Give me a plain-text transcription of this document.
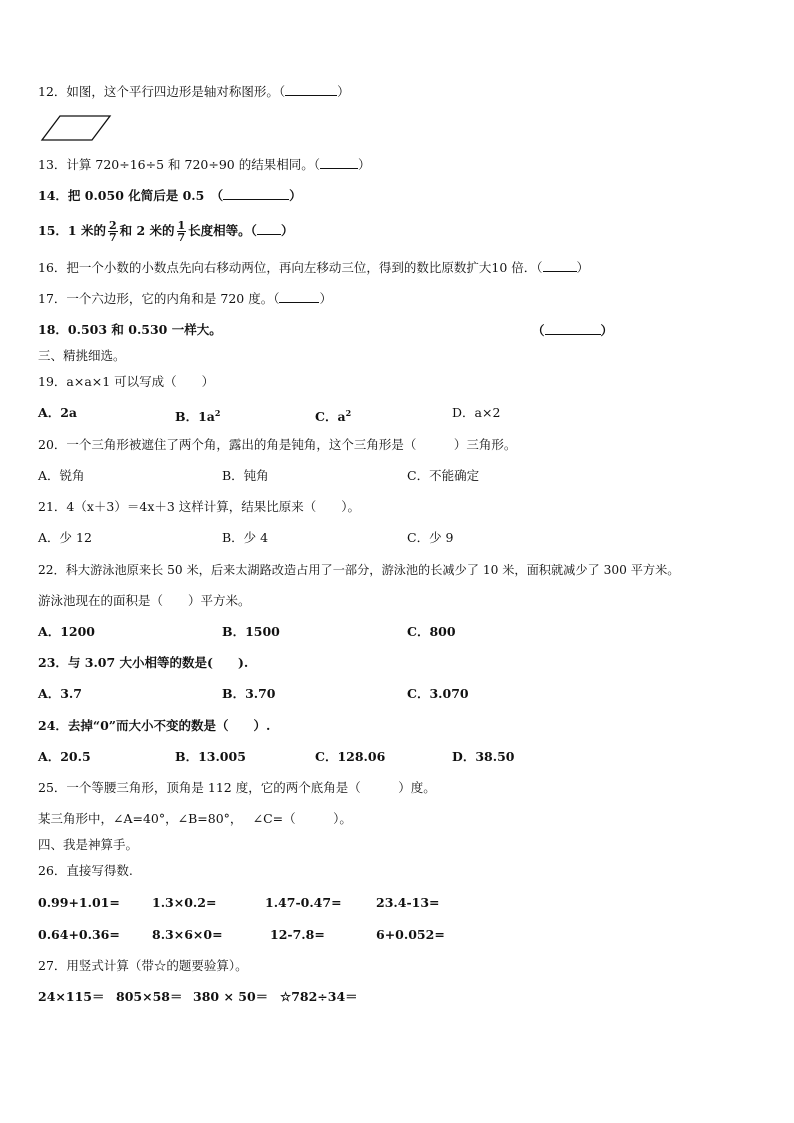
12．如图，这个平行四边形是轴对称图形。（	）
13．计算 720÷16÷5 和 720÷90 的结果相同。（	）
14．把 0.050 化简后是 0.5　（	）
15．1 米的 $\frac{2}{7}$ 和 2 米的 $\frac{1}{7}$ 长度相等。（ ）
16．把一个小数的小数点先向右移动两位，再向左移动三位，得到的数比原数扩大10 倍．（	）
17．一个六边形，它的内角和是 720 度。（	）
18．0.503 和 0.530 一样大。	（	）
三、精挑细选。
19．a×a×1 可以写成（　　）
A．2a	B．$1a^2$	C．$a^2$	D．a×2
20．一个三角形被遮住了两个角，露出的角是钝角，这个三角形是（　　　）三角形。
A．锐角	B．钝角	C．不能确定
21．4（x＋3）＝4x＋3 这样计算，结果比原来（　　）。
A．少 12	B．少 4	C．少 9
22．科大游泳池原来长 50 米，后来太湖路改造占用了一部分，游泳池的长减少了 10 米，面积就减少了 300 平方米。
游泳池现在的面积是（　　）平方米。
A．1200	B．1500	C．800
23．与 3.07 大小相等的数是(　　).
A．3.7	B．3.70	C．3.070
24．去掉“0”而大小不变的数是（　　）.
A．20.5	B．13.005	C．128.06	D．38.50
25．一个等腰三角形，顶角是 112 度，它的两个底角是（　　　）度。
某三角形中，∠A=40°，∠B=80°，　 ∠C=（　　　）。
四、我是神算手。
26．直接写得数.
0.99+1.01=	1.3×0.2=	1.47-0.47=	23.4-13=
0.64+0.36=	8.3×6×0=	12-7.8=	6+0.052=
27．用竖式计算（带☆的题要验算）。
24×115＝ 805×58＝ 380 × 50＝ ☆782÷34＝
